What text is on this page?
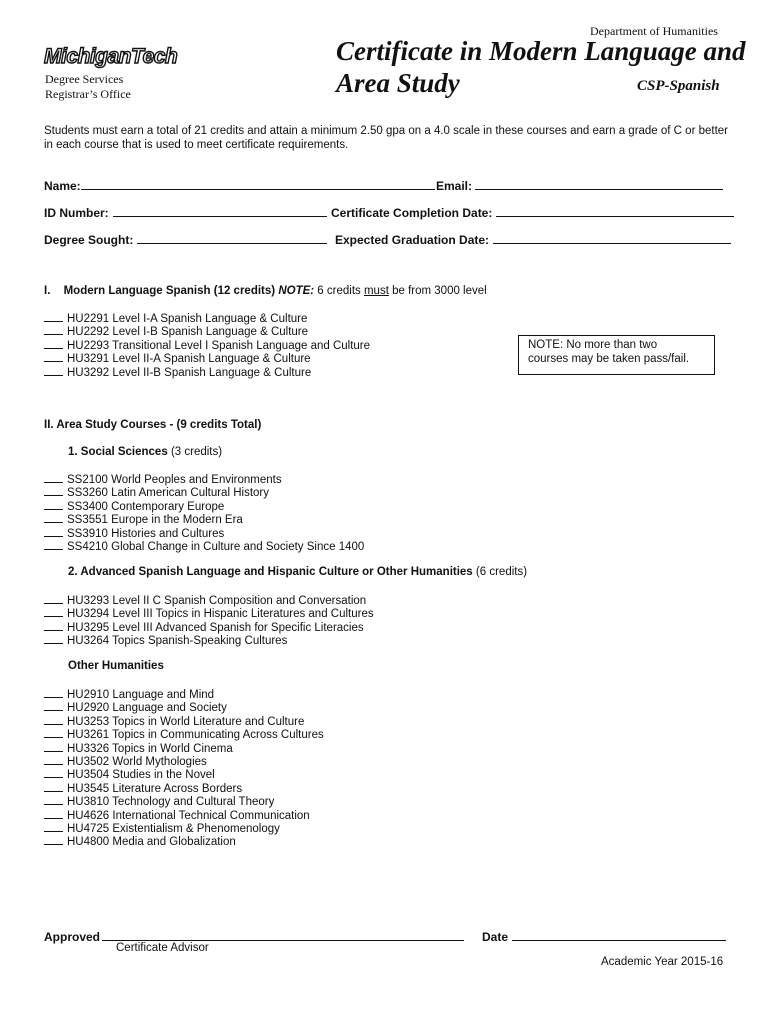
Department of Humanities
MichiganTech
Degree Services
Registrar’s Office
Certificate in Modern Language and
Area Study	CSP-Spanish
Students must earn a total of 21 credits and attain a minimum 2.50 gpa on a 4.0 scale in these courses and earn a grade of C or better
in each course that is used to meet certificate requirements.
Name:	Email:
ID Number:	Certificate Completion Date:
Degree Sought:	Expected Graduation Date:
I. Modern Language Spanish (12 credits) NOTE: 6 credits must be from 3000 level
HU2291 Level I-A Spanish Language & Culture
HU2292 Level I-B Spanish Language & Culture
HU2293 Transitional Level I Spanish Language and Culture
HU3291 Level II-A Spanish Language & Culture
HU3292 Level II-B Spanish Language & Culture
NOTE: No more than two
courses may be taken pass/fail.
II. Area Study Courses - (9 credits Total)
1. Social Sciences (3 credits)
SS2100 World Peoples and Environments
SS3260 Latin American Cultural History
SS3400 Contemporary Europe
SS3551 Europe in the Modern Era
SS3910 Histories and Cultures
SS4210 Global Change in Culture and Society Since 1400
2. Advanced Spanish Language and Hispanic Culture or Other Humanities (6 credits)
HU3293 Level II C Spanish Composition and Conversation
HU3294 Level III Topics in Hispanic Literatures and Cultures
HU3295 Level III Advanced Spanish for Specific Literacies
HU3264 Topics Spanish-Speaking Cultures
Other Humanities
HU2910 Language and Mind
HU2920 Language and Society
HU3253 Topics in World Literature and Culture
HU3261 Topics in Communicating Across Cultures
HU3326 Topics in World Cinema
HU3502 World Mythologies
HU3504 Studies in the Novel
HU3545 Literature Across Borders
HU3810 Technology and Cultural Theory
HU4626 International Technical Communication
HU4725 Existentialism & Phenomenology
HU4800 Media and Globalization
Approved
Certificate Advisor
Date
Academic Year 2015-16
